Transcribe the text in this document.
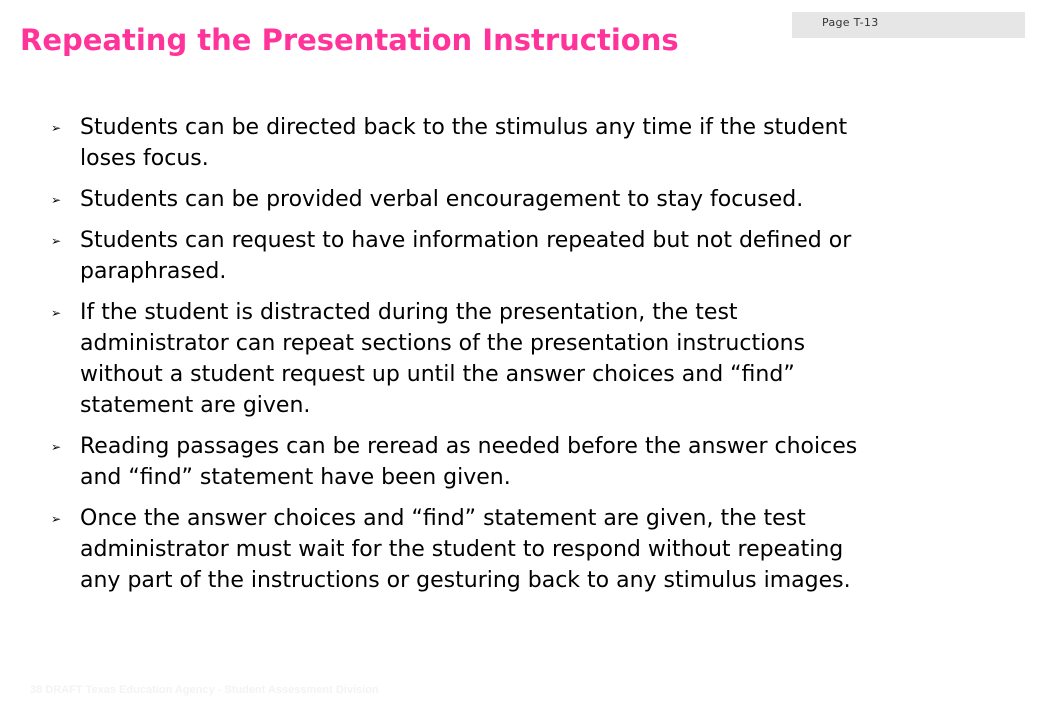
Page T-13
Repeating the Presentation Instructions
➢ Students can be directed back to the stimulus any time if the student
loses focus.
➢ Students can be provided verbal encouragement to stay focused.
➢ Students can request to have information repeated but not defined or
paraphrased.
➢ If the student is distracted during the presentation, the test
administrator can repeat sections of the presentation instructions
without a student request up until the answer choices and “find”
statement are given.
➢ Reading passages can be reread as needed before the answer choices
and “find” statement have been given.
➢ Once the answer choices and “find” statement are given, the test
administrator must wait for the student to respond without repeating
any part of the instructions or gesturing back to any stimulus images.
38 DRAFT Texas Education Agency - Student Assessment Division
